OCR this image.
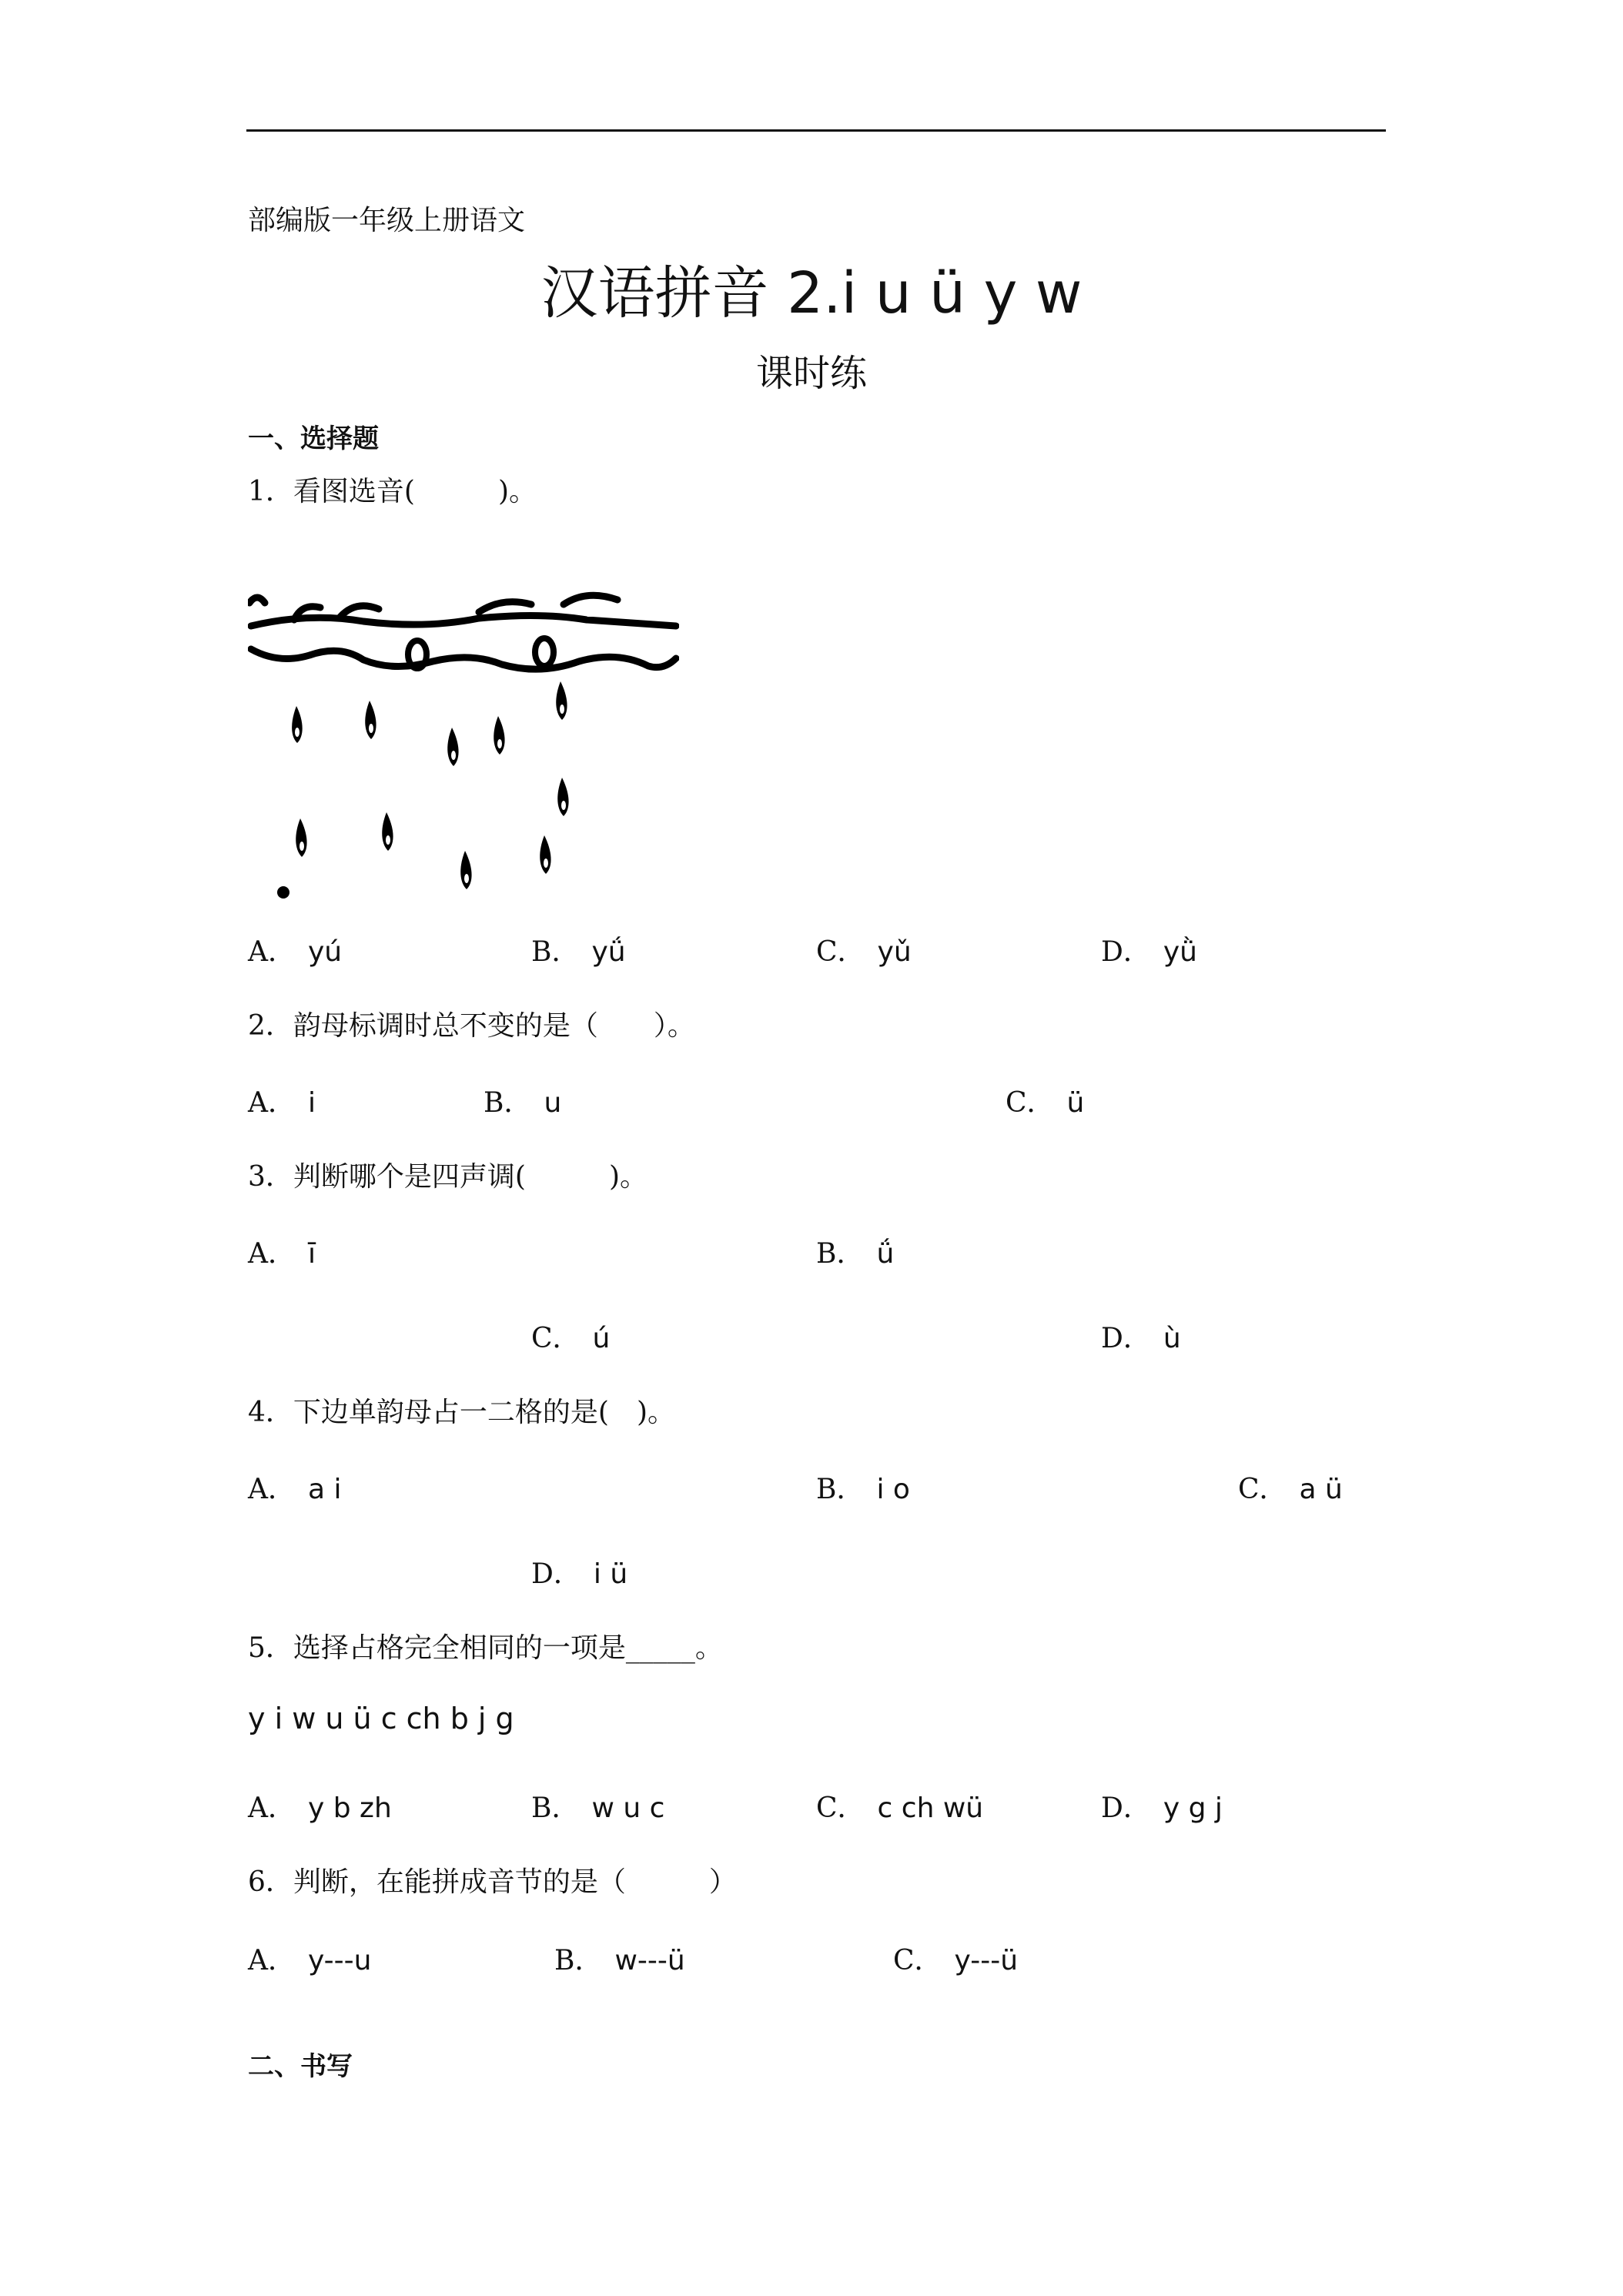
部编版一年级上册语文
汉语拼音 2.i u ü y w
课时练
一、选择题
1．看图选音(　　　)。
A． yú	B． yǘ	C． yǔ	D． yǜ
2．韵母标调时总不变的是（　　）。
A． i	B． u	C． ü
3．判断哪个是四声调(　　　)。
A． ī	B． ǘ
C． ú	D． ù
4．下边单韵母占一二格的是(　)。
A． a i	B． i o	C． a ü
D． i ü
5．选择占格完全相同的一项是_____。
y i w u ü c ch b j g
A． y b zh	B． w u c	C． c ch wü	D． y g j
6．判断，在能拼成音节的是（　　　）
A． y---u	B． w---ü	C． y---ü
二、书写
